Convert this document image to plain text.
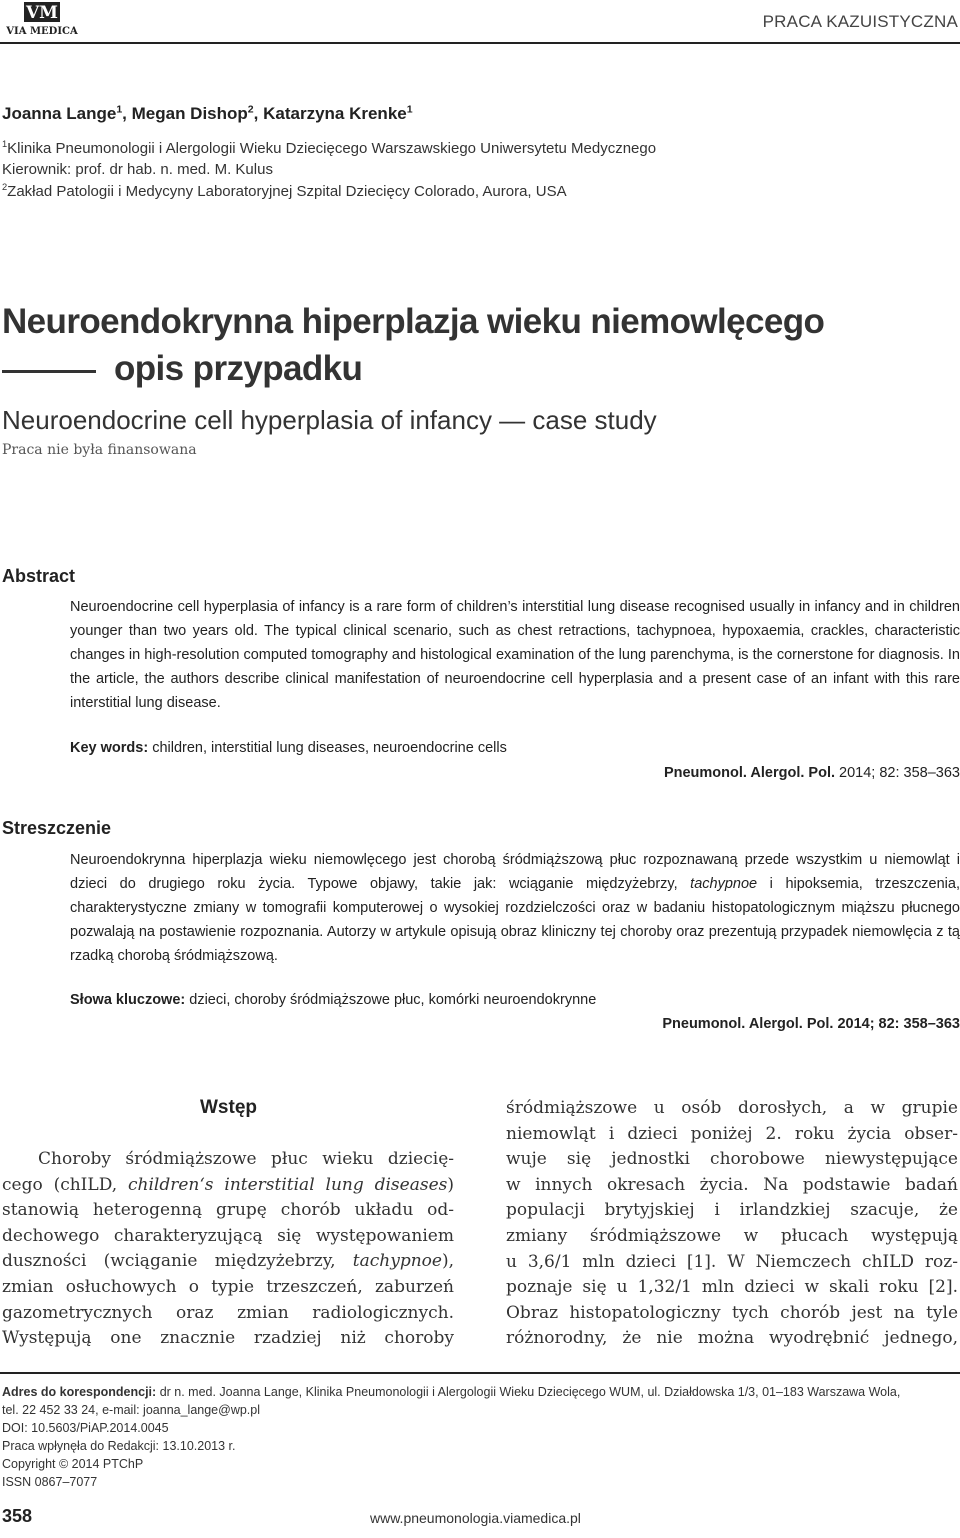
VM
VIA MEDICA
PRACA KAZUISTYCZNA
Joanna Lange$^1$, Megan Dishop$^2$, Katarzyna Krenke$^1$
$^1$Klinika Pneumonologii i Alergologii Wieku Dziecięcego Warszawskiego Uniwersytetu Medycznego
Kierownik: prof. dr hab. n. med. M. Kulus
$^2$Zakład Patologii i Medycyny Laboratoryjnej Szpital Dziecięcy Colorado, Aurora, USA
Neuroendokrynna hiperplazja wieku niemowlęcego
opis przypadku
Neuroendocrine cell hyperplasia of infancy — case study
Praca nie była finansowana
Abstract
Neuroendocrine cell hyperplasia of infancy is a rare form of children’s interstitial lung disease recognised usually in infancy and in children younger than two years old. The typical clinical scenario, such as chest retractions, tachypnoea, hypoxaemia, crackles, characteristic changes in high-resolution computed tomography and histological examination of the lung parenchyma, is the cornerstone for diagnosis. In the article, the authors describe clinical manifestation of neuroendocrine cell hyperplasia and a present case of an infant with this rare interstitial lung disease.
Key words: children, interstitial lung diseases, neuroendocrine cells
Pneumonol. Alergol. Pol. 2014; 82: 358–363
Streszczenie
Neuroendokrynna hiperplazja wieku niemowlęcego jest chorobą śródmiąższową płuc rozpoznawaną przede wszystkim u niemowląt i dzieci do drugiego roku życia. Typowe objawy, takie jak: wciąganie międzyżebrzy, tachypnoe i hipoksemia, trzeszczenia, charakterystyczne zmiany w tomografii komputerowej o wysokiej rozdzielczości oraz w badaniu histopatologicznym miąższu płucnego pozwalają na postawienie rozpoznania. Autorzy w artykule opisują obraz kliniczny tej choroby oraz prezentują przypadek niemowlęcia z tą rzadką chorobą śródmiąższową.
Słowa kluczowe: dzieci, choroby śródmiąższowe płuc, komórki neuroendokrynne
Pneumonol. Alergol. Pol. 2014; 82: 358–363
Wstęp
Choroby śródmiąższowe płuc wieku dziecię-
cego (chILD, children‘s interstitial lung diseases)
stanowią heterogenną grupę chorób układu od-
dechowego charakteryzującą się występowaniem
duszności (wciąganie międzyżebrzy, tachypnoe),
zmian osłuchowych o typie trzeszczeń, zaburzeń
gazometrycznych oraz zmian radiologicznych.
Występują one znacznie rzadziej niż choroby
śródmiąższowe u osób dorosłych, a w grupie
niemowląt i dzieci poniżej 2. roku życia obser-
wuje się jednostki chorobowe niewystępujące
w innych okresach życia. Na podstawie badań
populacji brytyjskiej i irlandzkiej szacuje, że
zmiany śródmiąższowe w płucach występują
u 3,6/1 mln dzieci [1]. W Niemczech chILD roz-
poznaje się u 1,32/1 mln dzieci w skali roku [2].
Obraz histopatologiczny tych chorób jest na tyle
różnorodny, że nie można wyodrębnić jednego,
Adres do korespondencji: dr n. med. Joanna Lange, Klinika Pneumonologii i Alergologii Wieku Dziecięcego WUM, ul. Działdowska 1/3, 01–183 Warszawa Wola,
tel. 22 452 33 24, e-mail: joanna_lange@wp.pl
DOI: 10.5603/PiAP.2014.0045
Praca wpłynęła do Redakcji: 13.10.2013 r.
Copyright © 2014 PTChP
ISSN 0867–7077
358	www.pneumonologia.viamedica.pl
